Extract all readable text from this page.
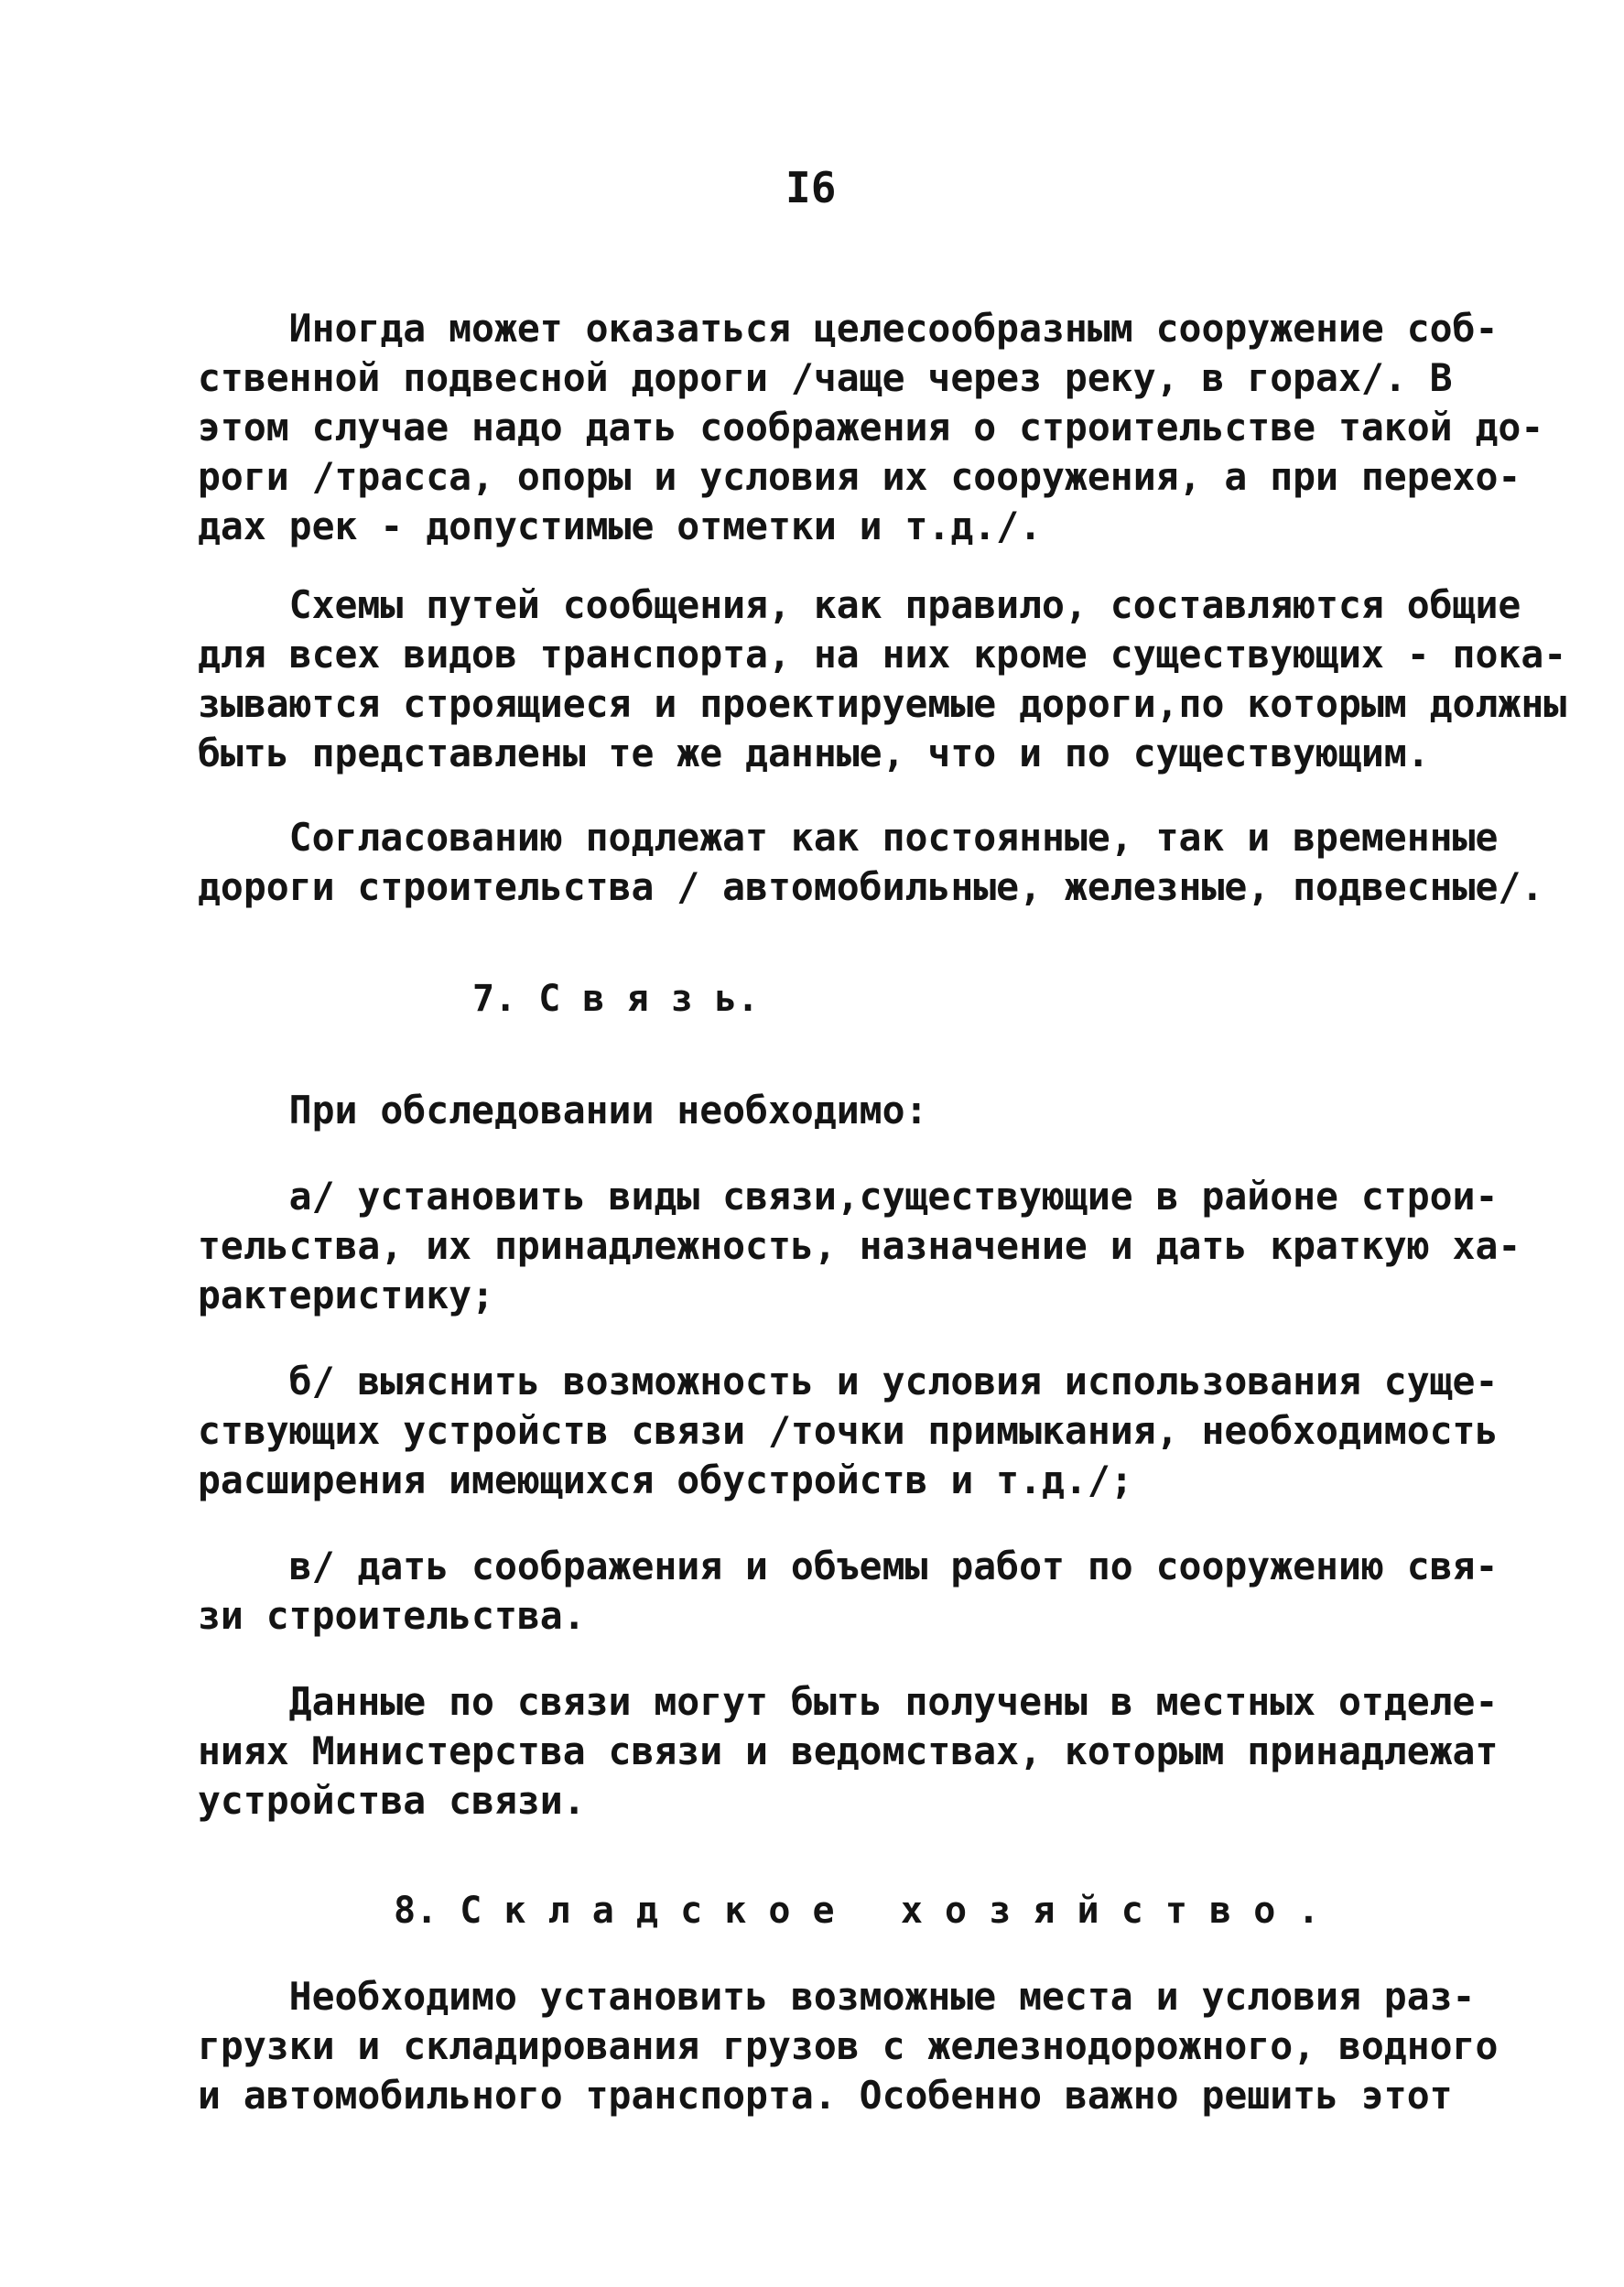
I6
Иногда может оказаться целесообразным сооружение соб-
ственной подвесной дороги /чаще через реку, в горах/. В
этом случае надо дать соображения о строительстве такой до-
роги /трасса, опоры и условия их сооружения, а при перехо-
дах рек - допустимые отметки и т.д./.
Схемы путей сообщения, как правило, составляются общие
для всех видов транспорта, на них кроме существующих - пока-
зываются строящиеся и проектируемые дороги,по которым должны
быть представлены те же данные, что и по существующим.
Согласованию подлежат как постоянные, так и временные
дороги строительства / автомобильные, железные, подвесные/.
7. С в я з ь.
При обследовании необходимо:
а/ установить виды связи,существующие в районе строи-
тельства, их принадлежность, назначение и дать краткую ха-
рактеристику;
б/ выяснить возможность и условия использования суще-
ствующих устройств связи /точки примыкания, необходимость
расширения имеющихся обустройств и т.д./;
в/ дать соображения и объемы работ по сооружению свя-
зи строительства.
Данные по связи могут быть получены в местных отделе-
ниях Министерства связи и ведомствах, которым принадлежат
устройства связи.
8. С к л а д с к о е   х о з я й с т в о .
Необходимо установить возможные места и условия раз-
грузки и складирования грузов с железнодорожного, водного
и автомобильного транспорта. Особенно важно решить этот
